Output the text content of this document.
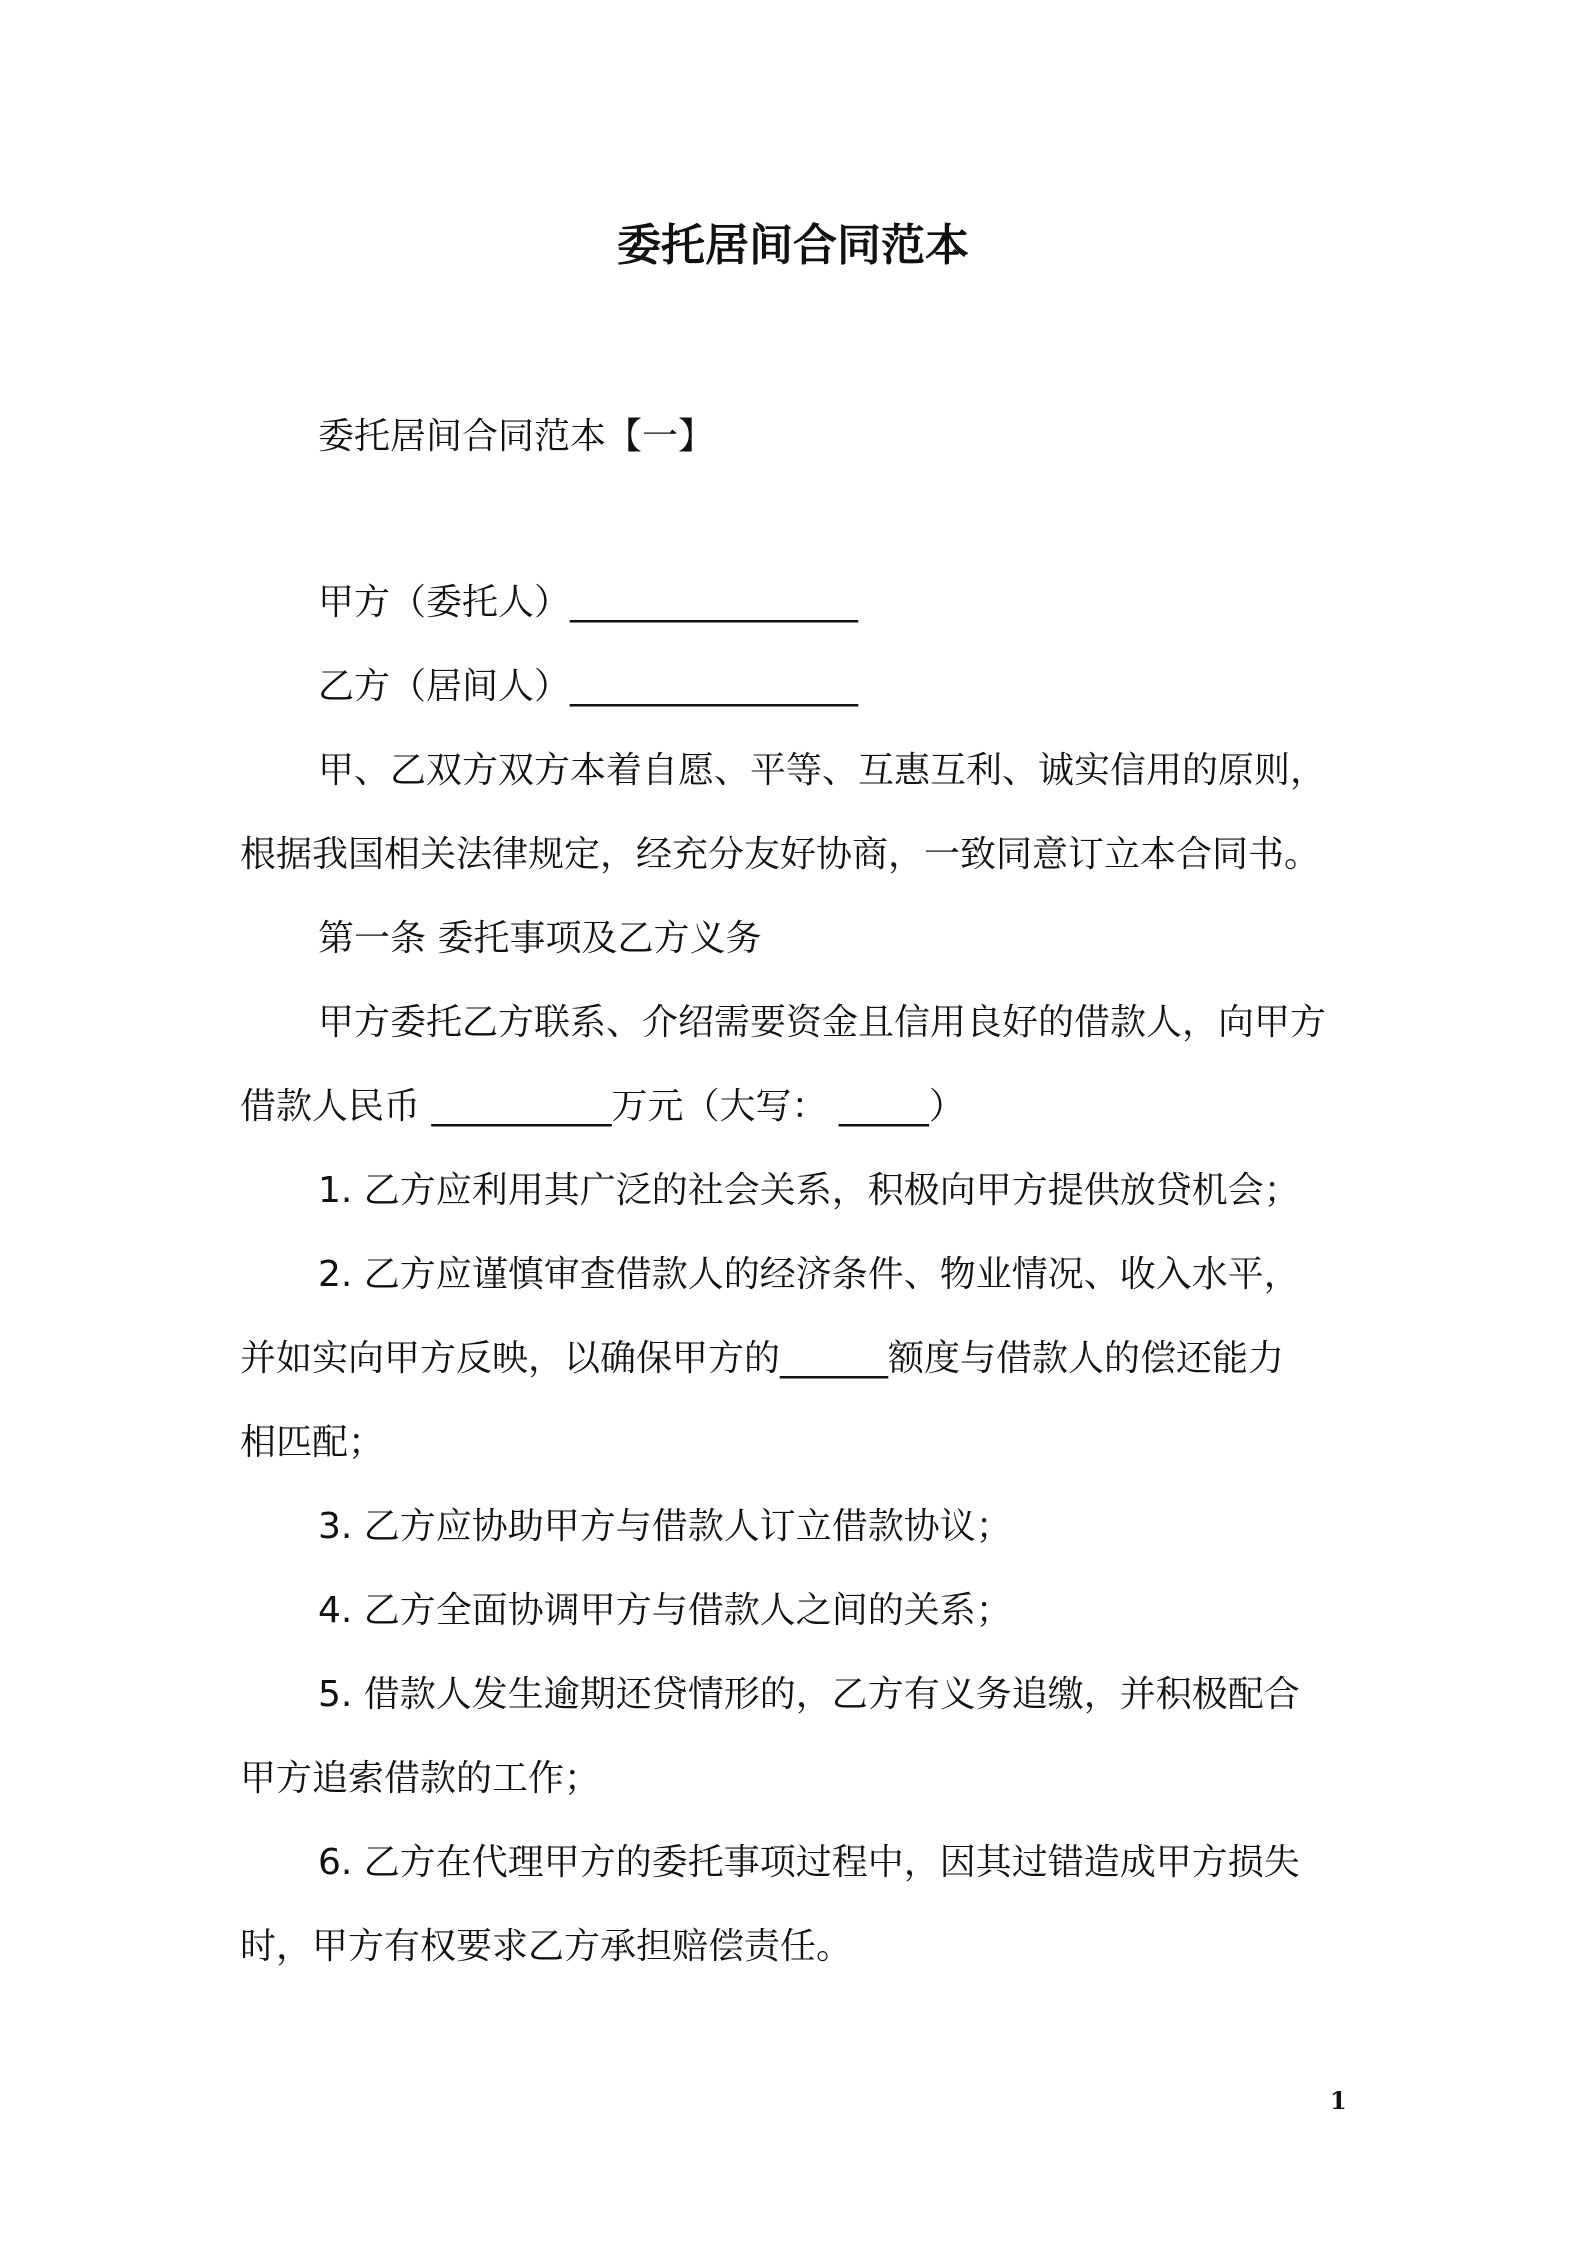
委托居间合同范本
委托居间合同范本【一】
甲方（委托人）________________
乙方（居间人）________________
甲、乙双方双方本着自愿、平等、互惠互利、诚实信用的原则，
根据我国相关法律规定，经充分友好协商，一致同意订立本合同书。
第一条 委托事项及乙方义务
甲方委托乙方联系、介绍需要资金且信用良好的借款人，向甲方
借款人民币 __________万元（大写： _____）
1. 乙方应利用其广泛的社会关系，积极向甲方提供放贷机会；
2. 乙方应谨慎审查借款人的经济条件、物业情况、收入水平，
并如实向甲方反映，以确保甲方的______额度与借款人的偿还能力
相匹配；
3. 乙方应协助甲方与借款人订立借款协议；
4. 乙方全面协调甲方与借款人之间的关系；
5. 借款人发生逾期还贷情形的，乙方有义务追缴，并积极配合
甲方追索借款的工作；
6. 乙方在代理甲方的委托事项过程中，因其过错造成甲方损失
时，甲方有权要求乙方承担赔偿责任。
1
